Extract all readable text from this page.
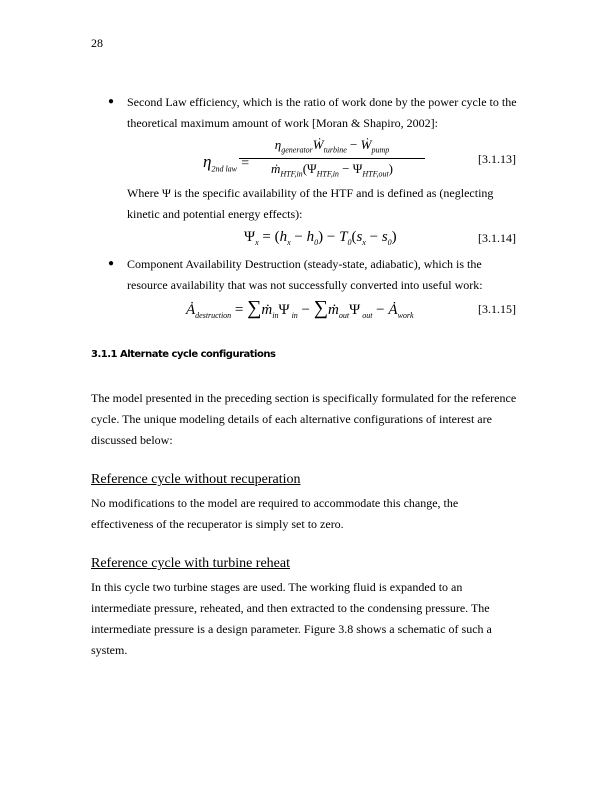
28
● Second Law efficiency, which is the ratio of work done by the power cycle to the
theoretical maximum amount of work [Moran & Shapiro, 2002]:

$\eta_{2nd law}$ =
$\eta_{generator}Ẇ_{turbine}$ − $Ẇ_{pump}$
$ṁ_{HTF,in}(\Psi_{HTF,in} - \Psi_{HTF,out})$
[3.1.13]

Where Ψ is the specific availability of the HTF and is defined as (neglecting
kinetic and potential energy effects):

$\Psi_x = (h_x - h_0) - T_0(s_x - s_0)$	[3.1.14]
● Component Availability Destruction (steady-state, adiabatic), which is the
resource availability that was not successfully converted into useful work:

$Ȧ_{destruction}$ = $\sum ṁ_{in}\Psi$ $_{in} - \sum ṁ_{out}\Psi$ $_{out} - Ȧ_{work}$	[3.1.15]
3.1.1 Alternate cycle configurations

The model presented in the preceding section is specifically formulated for the reference
cycle. The unique modeling details of each alternative configurations of interest are
discussed below:

Reference cycle without recuperation

No modifications to the model are required to accommodate this change, the
effectiveness of the recuperator is simply set to zero.

Reference cycle with turbine reheat

In this cycle two turbine stages are used. The working fluid is expanded to an
intermediate pressure, reheated, and then extracted to the condensing pressure. The
intermediate pressure is a design parameter. Figure 3.8 shows a schematic of such a
system.
